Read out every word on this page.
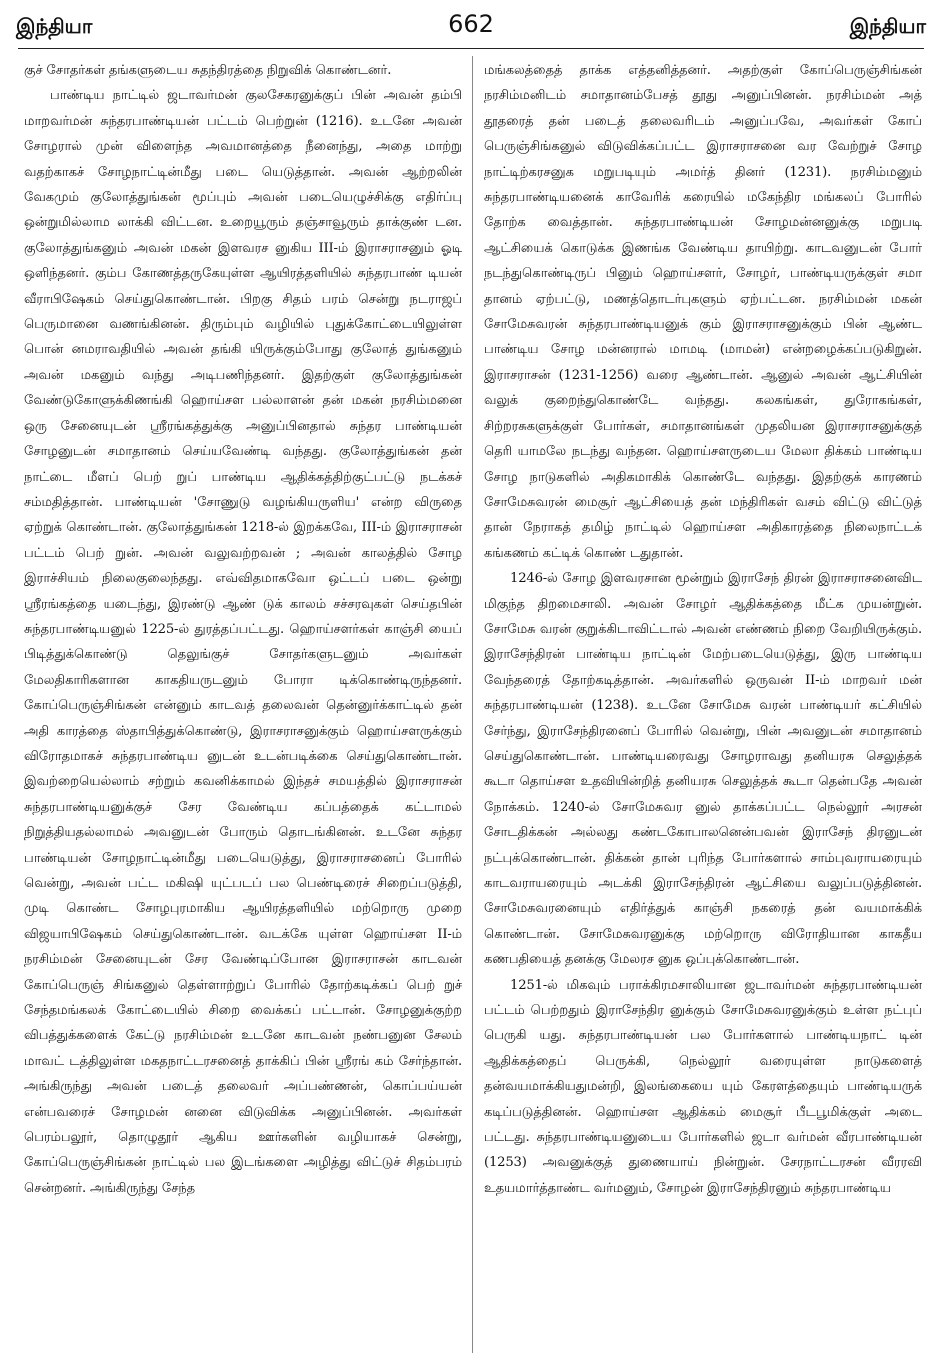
இந்தியா	662	இந்தியா

குச் சோதர்கள் தங்களுடைய சுதந்திரத்தை நிறுவிக் கொண்டனர்.

பாண்டிய நாட்டில் ஜடாவர்மன் குலசேகரனுக்குப் பின் அவன் தம்பி மாறவர்மன் சுந்தரபாண்டியன் பட்டம் பெற்றுன் (1216). உடனே அவன் சோழரால் முன் விளைந்த அவமானத்தை நீனைந்து, அதை மாற்று வதற்காகச் சோழநாட்டின்மீது படை யெடுத்தான். அவன் ஆற்றலின் வேகமும் குலோத்துங்கன் மூப்பும் அவன் படையெழுச்சிக்கு எதிர்ப்பு ஒன்றுமில்லாம லாக்கி விட்டன. உறையூரும் தஞ்சாவூரும் தாக்குண் டன. குலோத்துங்கனும் அவன் மகன் இளவரச னுகிய III-ம் இராசராசனும் ஓடி ஒளிந்தனர். கும்ப கோணத்தருகேயுள்ள ஆயிரத்தளியில் சுந்தரபாண் டியன் வீராபிஷேகம் செய்துகொண்டான். பிறகு சிதம் பரம் சென்று நடராஜப் பெருமானை வணங்கினன். திரும்பும் வழியில் புதுக்கோட்டையிலுள்ள பொன் னமராவதியில் அவன் தங்கி யிருக்கும்போது குலோத் துங்கனும் அவன் மகனும் வந்து அடிபணிந்தனர். இதற்குள் குலோத்துங்கன் வேண்டுகோளுக்கிணங்கி ஹொய்சள பல்லாளன் தன் மகன் நரசிம்மனை ஒரு சேனையுடன் ஸ்ரீரங்கத்துக்கு அனுப்பினதால் சுந்தர பாண்டியன் சோழனுடன் சமாதானம் செய்யவேண்டி வந்தது. குலோத்துங்கன் தன் நாட்டை மீளப் பெற் றுப் பாண்டிய ஆதிக்கத்திற்குட்பட்டு நடக்கச் சம்மதித்தான். பாண்டியன் 'சோணுடு வழங்கியருளிய' என்ற விருதை ஏற்றுக் கொண்டான். குலோத்துங்கன் 1218-ல் இறக்கவே, III-ம் இராசராசன் பட்டம் பெற் றுன். அவன் வலுவற்றவன் ; அவன் காலத்தில் சோழ இராச்சியம் நிலைகுலைந்தது. எவ்விதமாகவோ ஒட்டப் படை ஒன்று ஸ்ரீரங்கத்தை யடைந்து, இரண்டு ஆண் டுக் காலம் சச்சரவுகள் செய்தபின் சுந்தரபாண்டியனுல் 1225-ல் துரத்தப்பட்டது. ஹொய்சளர்கள் காஞ்சி யைப் பிடித்துக்கொண்டு தெலுங்குச் சோதர்களுடனும் அவர்கள் மேலதிகாரிகளான காகதியருடனும் போரா டிக்கொண்டிருந்தனர். கோப்பெருஞ்சிங்கன் என்னும் காடவத் தலைவன் தென்னுர்க்காட்டில் தன் அதி காரத்தை ஸ்தாபித்துக்கொண்டு, இராசராசனுக்கும் ஹொய்சளருக்கும் விரோதமாகச் சுந்தரபாண்டிய னுடன் உடன்படிக்கை செய்துகொண்டான். இவற்றையெல்லாம் சற்றும் கவனிக்காமல் இந்தச் சமயத்தில் இராசராசன் சுந்தரபாண்டியனுக்குச் சேர வேண்டிய கப்பத்தைக் கட்டாமல் நிறுத்தியதல்லாமல் அவனுடன் போரும் தொடங்கினன். உடனே சுந்தர பாண்டியன் சோழநாட்டின்மீது படையெடுத்து, இராசராசனைப் போரில் வென்று, அவன் பட்ட மகிஷி யுட்படப் பல பெண்டிரைச் சிறைப்படுத்தி, முடி கொண்ட சோழபுரமாகிய ஆயிரத்தளியில் மற்றொரு முறை விஜயாபிஷேகம் செய்துகொண்டான். வடக்கே யுள்ள ஹொய்சள II-ம் நரசிம்மன் சேனையுடன் சேர வேண்டிப்போன இராசராசன் காடவன் கோப்பெருஞ் சிங்கனுல் தெள்ளாற்றுப் போரில் தோற்கடிக்கப் பெற் றுச் சேந்தமங்கலக் கோட்டையில் சிறை வைக்கப் பட்டான். சோழனுக்குற்ற விபத்துக்களைக் கேட்டு நரசிம்மன் உடனே காடவன் நண்பனுன சேலம் மாவட் டத்திலுள்ள மகதநாட்டரசனைத் தாக்கிப் பின் ஸ்ரீரங் கம் சேர்ந்தான். அங்கிருந்து அவன் படைத் தலைவர் அப்பண்ணன், கொப்பய்யன் என்பவரைச் சோழமன் னனை விடுவிக்க அனுப்பினன். அவர்கள் பெரம்பலூர், தொழுதூர் ஆகிய ஊர்களின் வழியாகச் சென்று, கோப்பெருஞ்சிங்கன் நாட்டில் பல இடங்களை அழித்து விட்டுச் சிதம்பரம் சென்றனர். அங்கிருந்து சேந்த

மங்கலத்தைத் தாக்க எத்தனித்தனர். அதற்குள் கோப்பெருஞ்சிங்கன் நரசிம்மனிடம் சமாதானம்பேசத் தூது அனுப்பினன். நரசிம்மன் அத் தூதரைத் தன் படைத் தலைவரிடம் அனுப்பவே, அவர்கள் கோப் பெருஞ்சிங்கனுல் விடுவிக்கப்பட்ட இராசராசனை வர வேற்றுச் சோழ நாட்டிற்கரசனுக மறுபடியும் அமர்த் தினர் (1231). நரசிம்மனும் சுந்தரபாண்டியனைக் காவேரிக் கரையில் மகேந்திர மங்கலப் போரில் தோற்க வைத்தான். சுந்தரபாண்டியன் சோழமன்னனுக்கு மறுபடி ஆட்சியைக் கொடுக்க இணங்க வேண்டிய தாயிற்று. காடவனுடன் போர் நடந்துகொண்டிருப் பினும் ஹொய்சளர், சோழர், பாண்டியருக்குள் சமா தானம் ஏற்பட்டு, மணத்தொடர்புகளும் ஏற்பட்டன. நரசிம்மன் மகன் சோமேசுவரன் சுந்தரபாண்டியனுக் கும் இராசராசனுக்கும் பின் ஆண்ட பாண்டிய சோழ மன்னரால் மாமடி (மாமன்) என்றழைக்கப்படுகிறுன். இராசராசன் (1231-1256) வரை ஆண்டான். ஆனுல் அவன் ஆட்சியின் வலுக் குறைந்துகொண்டே வந்தது. கலகங்கள், துரோகங்கள், சிற்றரசுகளுக்குள் போர்கள், சமாதானங்கள் முதலியன இராசராசனுக்குத் தெரி யாமலே நடந்து வந்தன. ஹொய்சளருடைய மேலா திக்கம் பாண்டிய சோழ நாடுகளில் அதிகமாகிக் கொண்டே வந்தது. இதற்குக் காரணம் சோமேசுவரன் மைசூர் ஆட்சியைத் தன் மந்திரிகள் வசம் விட்டு விட்டுத் தான் நேராகத் தமிழ் நாட்டில் ஹொய்சள அதிகாரத்தை நிலைநாட்டக் கங்கணம் கட்டிக் கொண் டதுதான்.

1246-ல் சோழ இளவரசான மூன்றும் இராசேந் திரன் இராசராசனைவிட மிகுந்த திறமைசாலி. அவன் சோழர் ஆதிக்கத்தை மீட்க முயன்றுன். சோமேசு வரன் குறுக்கிடாவிட்டால் அவன் எண்ணம் நிறை வேறியிருக்கும். இராசேந்திரன் பாண்டிய நாட்டின் மேற்படையெடுத்து, இரு பாண்டிய வேந்தரைத் தோற்கடித்தான். அவர்களில் ஒருவன் II-ம் மாறவர் மன் சுந்தரபாண்டியன் (1238). உடனே சோமேசு வரன் பாண்டியர் கட்சியில் சேர்ந்து, இராசேந்திரனைப் போரில் வென்று, பின் அவனுடன் சமாதானம் செய்துகொண்டான். பாண்டியரைவது சோழராவது தனியரசு செலுத்தக் கூடா தொய்சள உதவியின்றித் தனியரசு செலுத்தக் கூடா தென்பதே அவன் நோக்கம். 1240-ல் சோமேசுவர னுல் தாக்கப்பட்ட நெல்லூர் அரசன் சோடதிக்கன் அல்லது கண்டகோபாலனென்பவன் இராசேந் திரனுடன் நட்புக்கொண்டான். திக்கன் தான் புரிந்த போர்களால் சாம்புவராயரையும் காடவராயரையும் அடக்கி இராசேந்திரன் ஆட்சியை வலுப்படுத்தினன். சோமேசுவரனையும் எதிர்த்துக் காஞ்சி நகரைத் தன் வயமாக்கிக் கொண்டான். சோமேசுவரனுக்கு மற்றொரு விரோதியான காகதீய கணபதியைத் தனக்கு மேலரச னுக ஒப்புக்கொண்டான்.

1251-ல் மிகவும் பராக்கிரமசாலியான ஜடாவர்மன் சுந்தரபாண்டியன் பட்டம் பெற்றதும் இராசேந்திர னுக்கும் சோமேசுவரனுக்கும் உள்ள நட்புப் பெருகி யது. சுந்தரபாண்டியன் பல போர்களால் பாண்டியநாட் டின் ஆதிக்கத்தைப் பெருக்கி, நெல்லூர் வரையுள்ள நாடுகளைத் தன்வயமாக்கியதுமன்றி, இலங்கையை யும் கேரளத்தையும் பாண்டியருக் கடிப்படுத்தினன். ஹொய்சள ஆதிக்கம் மைசூர் பீடபூமிக்குள் அடை பட்டது. சுந்தரபாண்டியனுடைய போர்களில் ஜடா வர்மன் வீரபாண்டியன் (1253) அவனுக்குத் துணையாய் நின்றுன். சேரநாட்டரசன் வீரரவி உதயமார்த்தாண்ட வர்மனும், சோழன் இராசேந்திரனும் சுந்தரபாண்டிய
